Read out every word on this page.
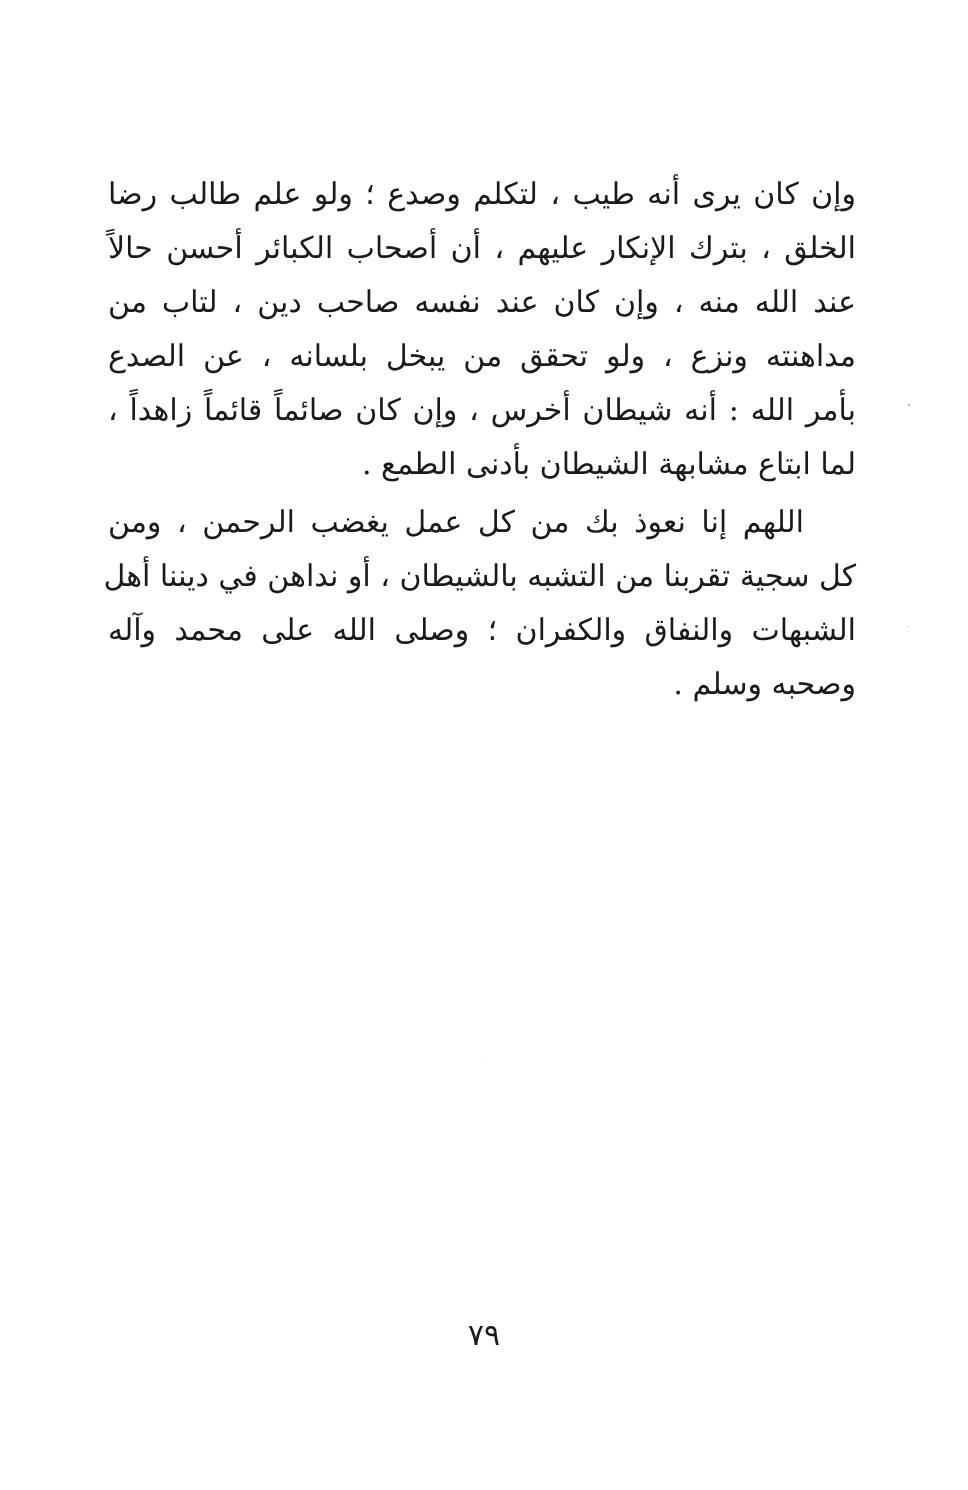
وإن كان يرى أنه طيب ، لتكلم وصدع ؛ ولو علم طالب رضا
الخلق ، بترك الإنكار عليهم ، أن أصحاب الكبائر أحسن حالاً
عند الله منه ، وإن كان عند نفسه صاحب دين ، لتاب من
مداهنته ونزع ، ولو تحقق من يبخل بلسانه ، عن الصدع
بأمر الله : أنه شيطان أخرس ، وإن كان صائماً قائماً زاهداً ،
لما ابتاع مشابهة الشيطان بأدنى الطمع .
اللهم إنا نعوذ بك من كل عمل يغضب الرحمن ، ومن
كل سجية تقربنا من التشبه بالشيطان ، أو نداهن في ديننا أهل
الشبهات والنفاق والكفران ؛ وصلى الله على محمد وآله
وصحبه وسلم .
٧٩
